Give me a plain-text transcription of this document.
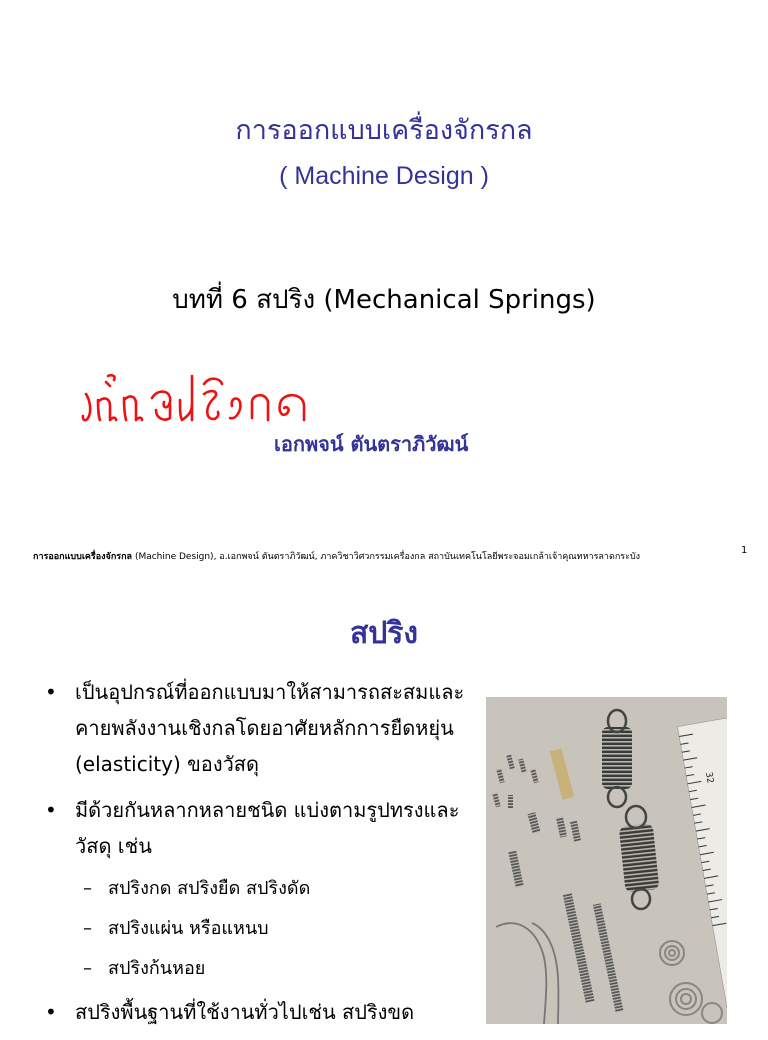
การออกแบบเครื่องจักรกล
( Machine Design )
บทที่ 6 สปริง (Mechanical Springs)
เอกพจน์ ตันตราภิวัฒน์
การออกแบบเครื่องจักรกล (Machine Design), อ.เอกพจน์ ตันตราภิวัฒน์, ภาควิชาวิศวกรรมเครื่องกล สถาบันเทคโนโลยีพระจอมเกล้าเจ้าคุณทหารลาดกระบัง
1
สปริง
• เป็นอุปกรณ์ที่ออกแบบมาให้สามารถสะสมและคายพลังงานเชิงกลโดยอาศัยหลักการยืดหยุ่น (elasticity) ของวัสดุ
• มีด้วยกันหลากหลายชนิด แบ่งตามรูปทรงและวัสดุ เช่น
– สปริงกด สปริงยืด สปริงดัด
– สปริงแผ่น หรือแหนบ
– สปริงก้นหอย
• สปริงพื้นฐานที่ใช้งานทั่วไปเช่น สปริงขด
32
